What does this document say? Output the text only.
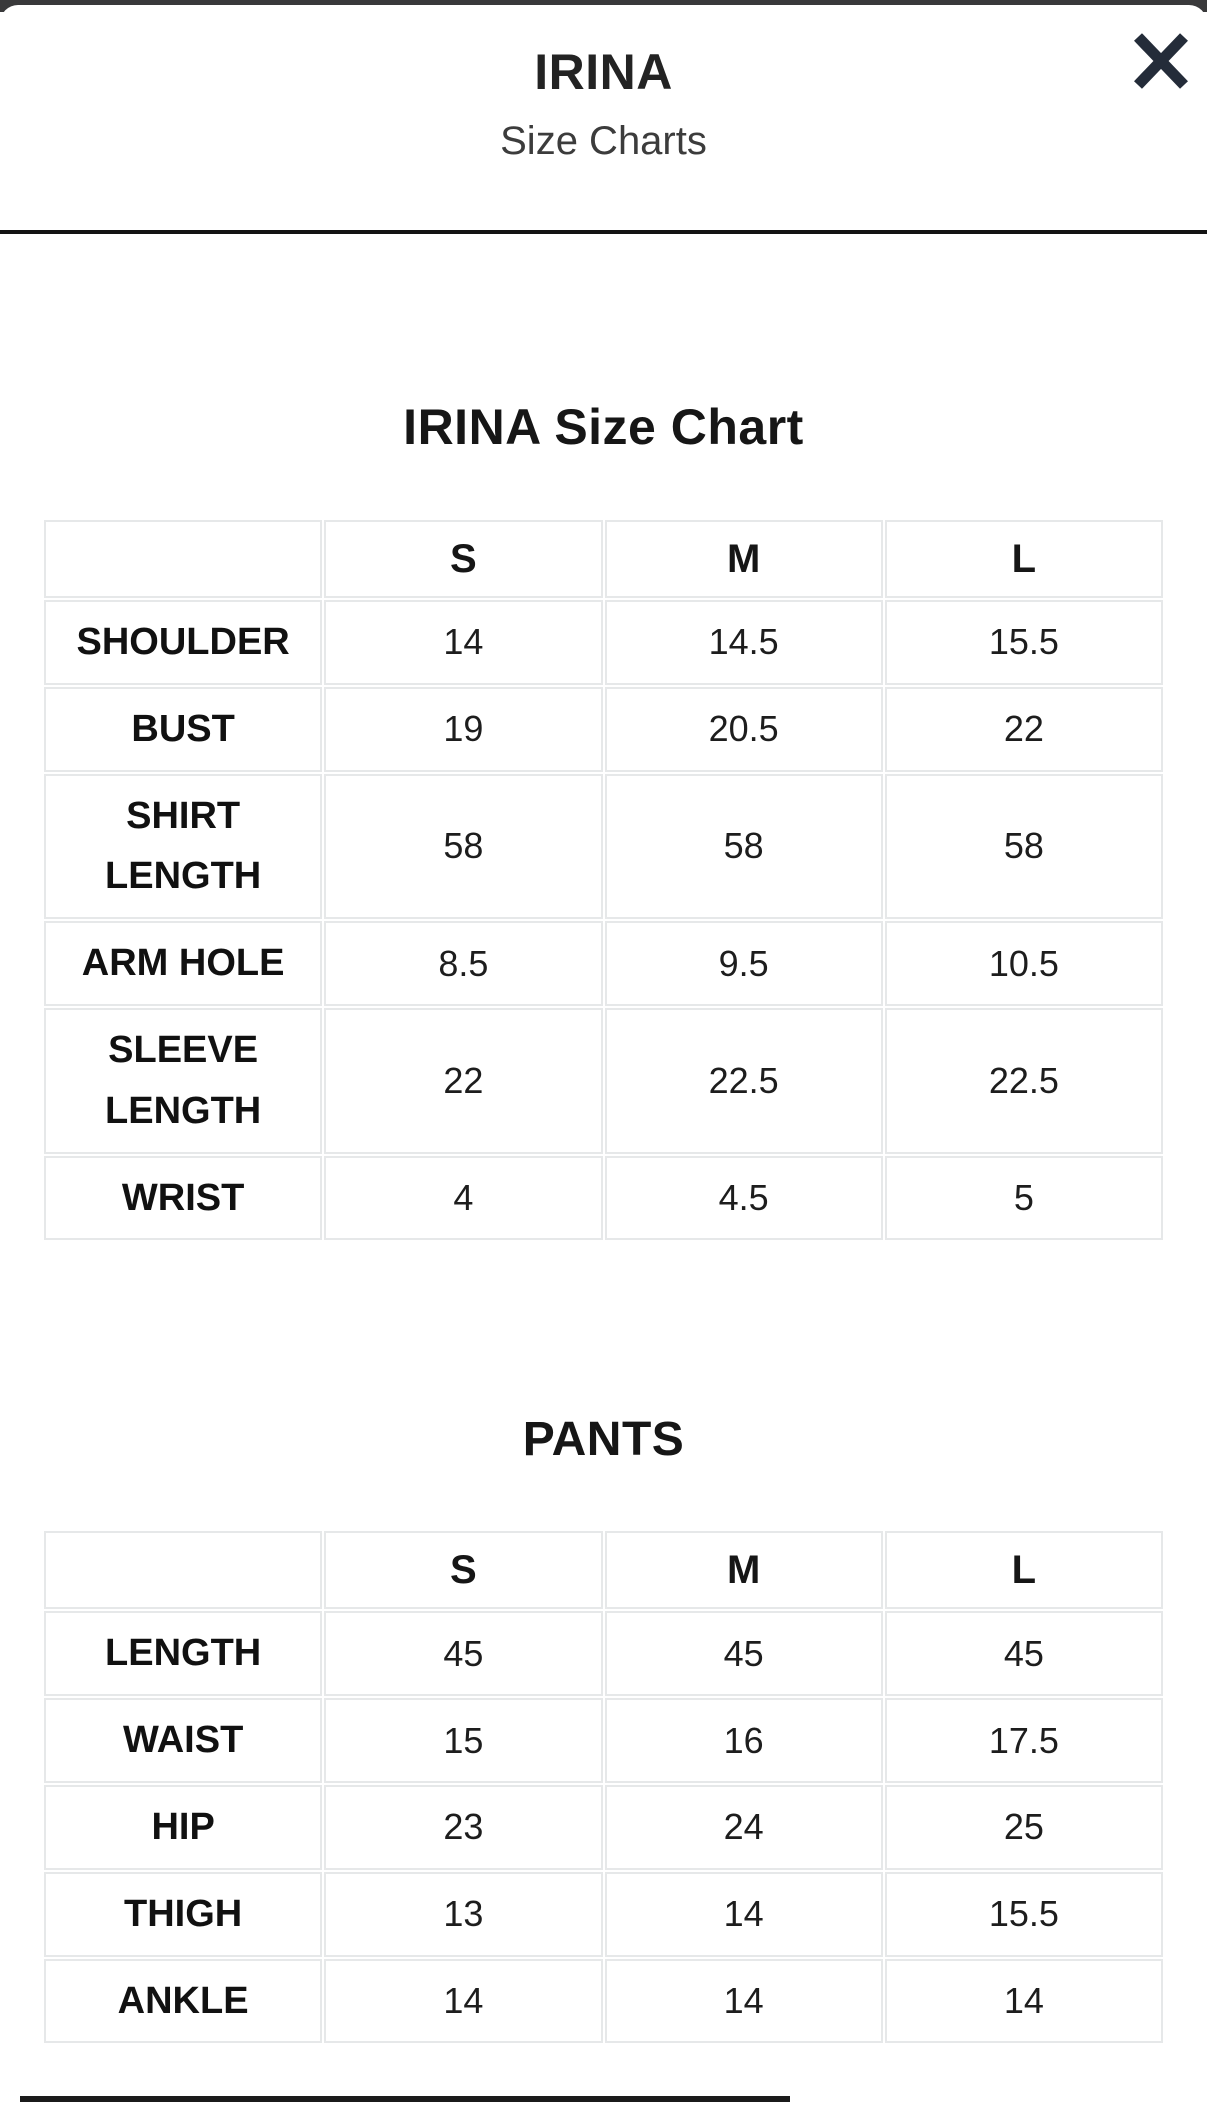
IRINA
Size Charts
IRINA Size Chart
	S	M	L
SHOULDER	14	14.5	15.5
BUST	19	20.5	22
SHIRT LENGTH	58	58	58
ARM HOLE	8.5	9.5	10.5
SLEEVE LENGTH	22	22.5	22.5
WRIST	4	4.5	5
PANTS
	S	M	L
LENGTH	45	45	45
WAIST	15	16	17.5
HIP	23	24	25
THIGH	13	14	15.5
ANKLE	14	14	14
